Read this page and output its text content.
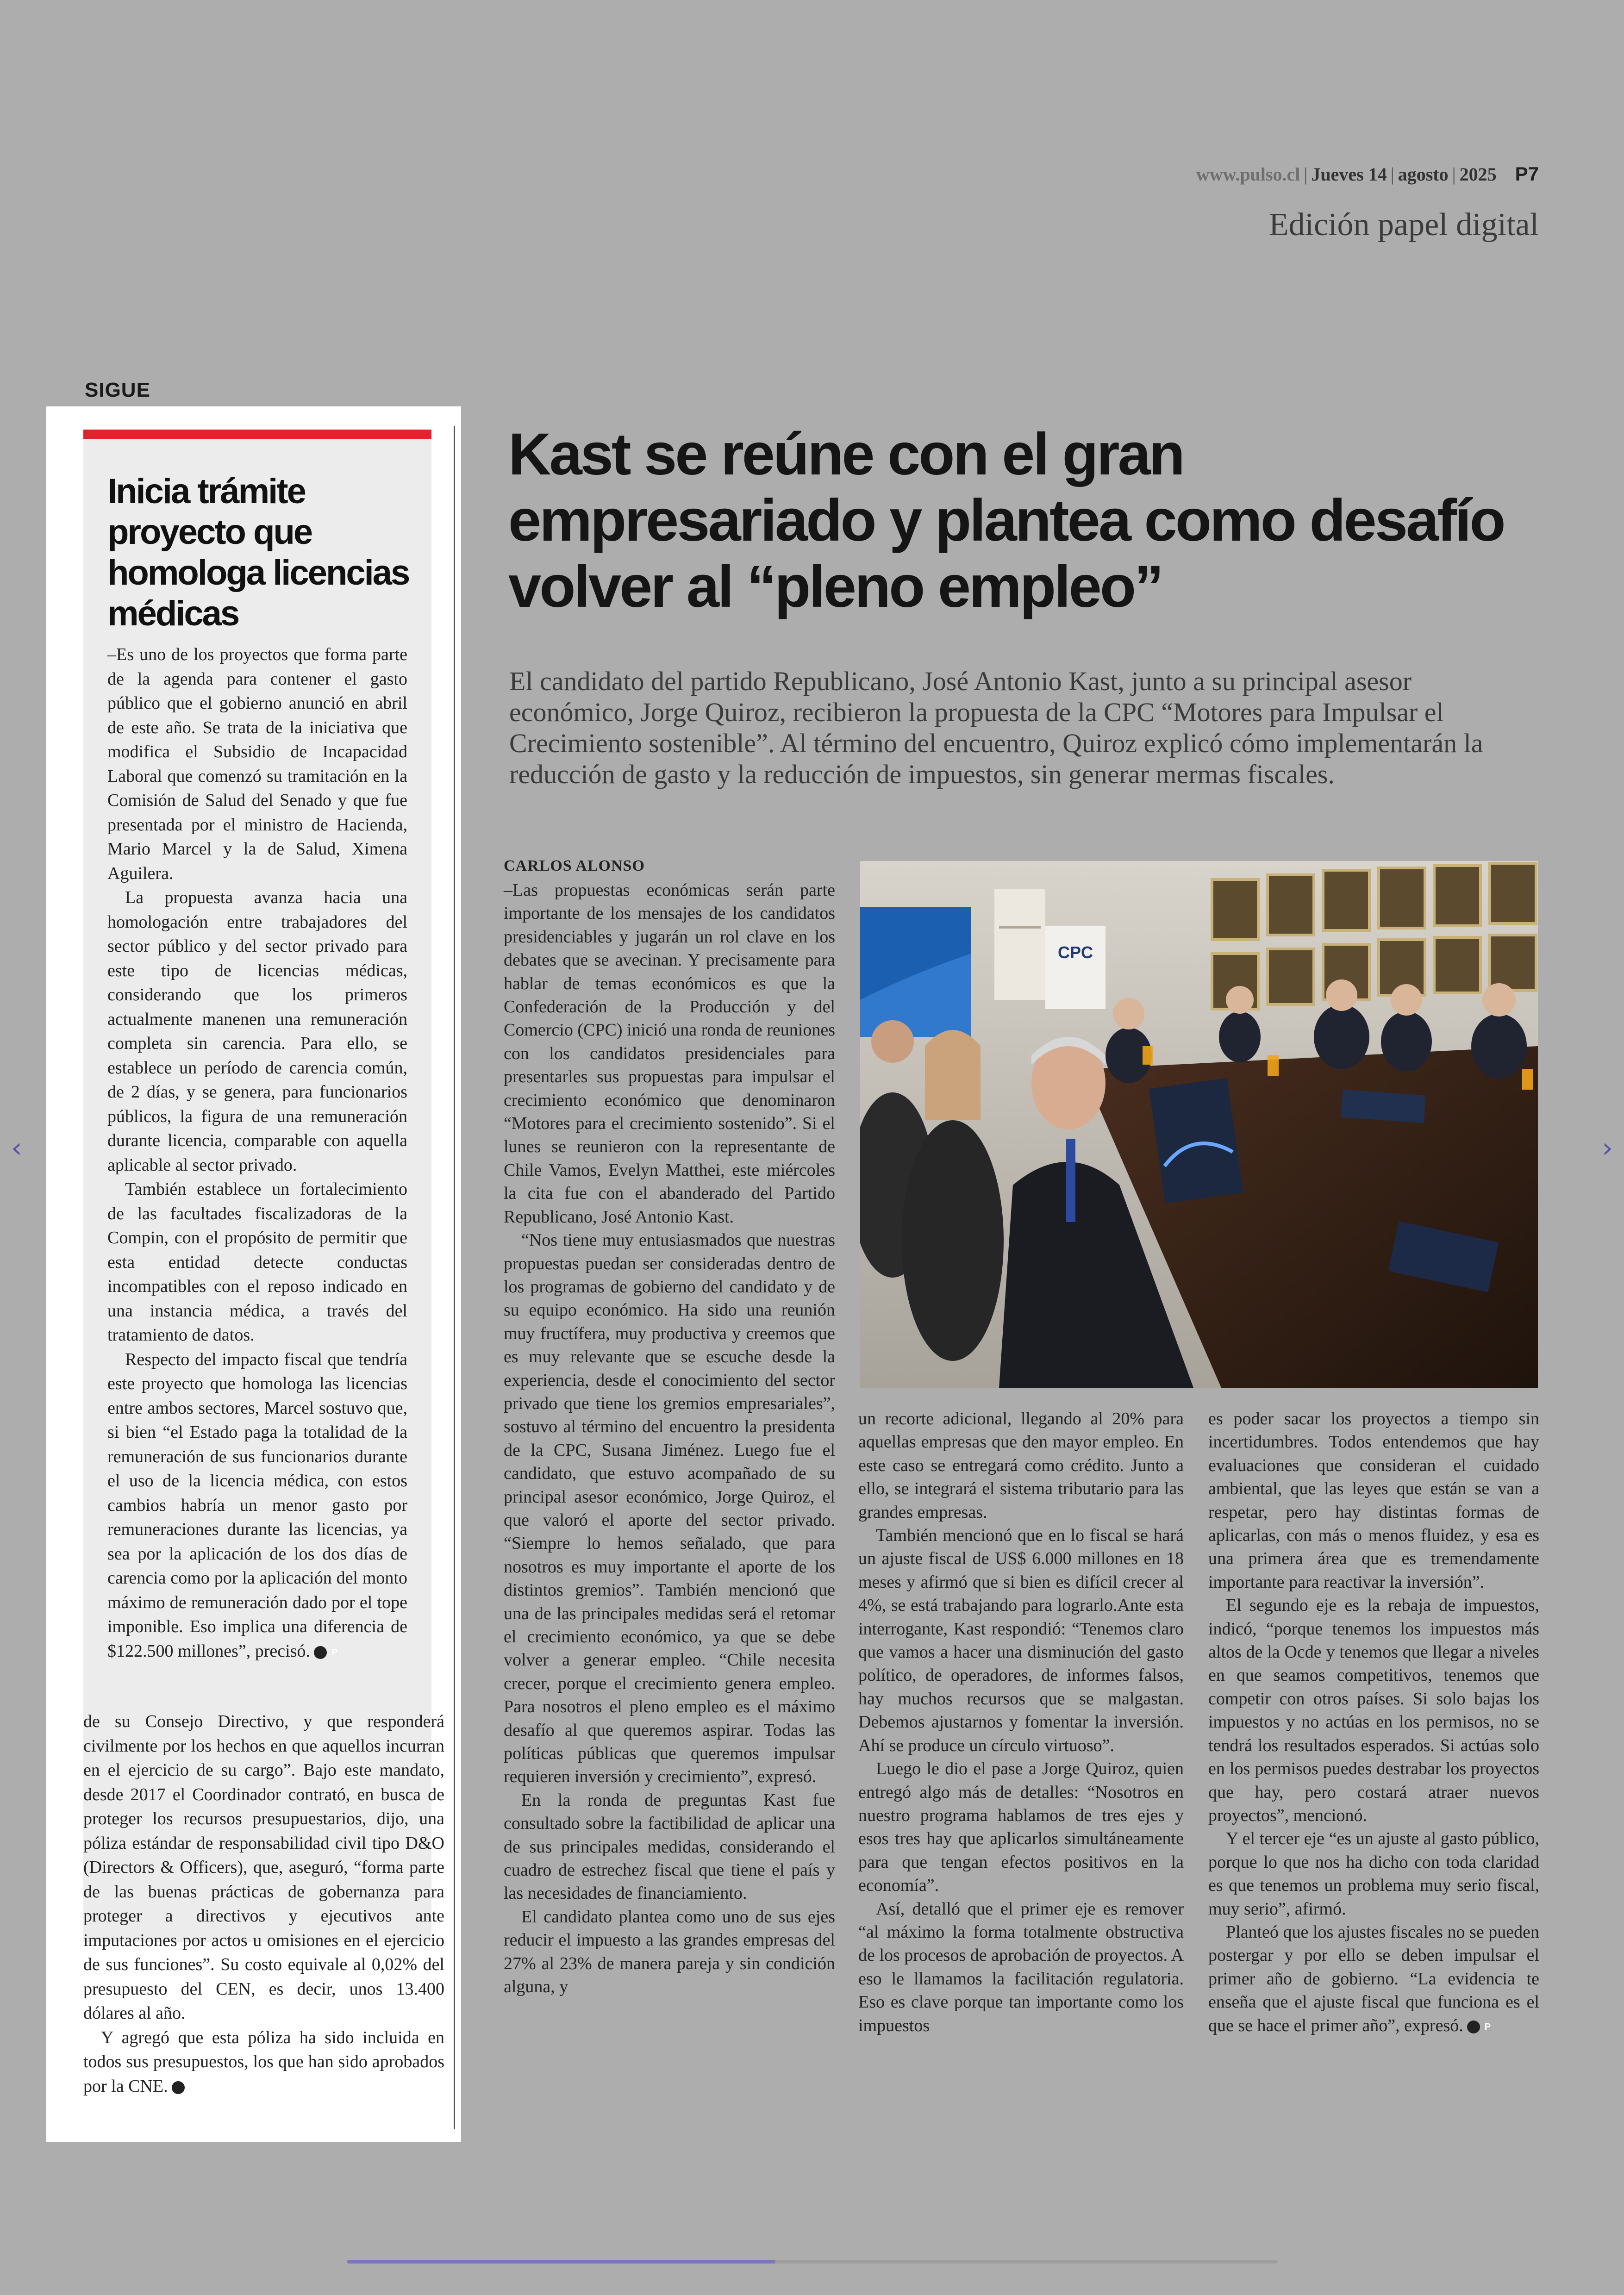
‹	›
www.pulso.cl | Jueves 14 | agosto | 2025 P7
Edición papel digital
SIGUE
Inicia trámite proyecto que homologa licencias médicas

–Es uno de los proyectos que forma parte de la agenda para contener el gasto público que el gobierno anunció en abril de este año. Se trata de la iniciativa que modifica el Subsidio de Incapacidad Laboral que comenzó su tramitación en la Comisión de Salud del Senado y que fue presentada por el ministro de Hacienda, Mario Marcel y la de Salud, Ximena Aguilera.

La propuesta avanza hacia una homologación entre trabajadores del sector público y del sector privado para este tipo de licencias médicas, considerando que los primeros actualmente manenen una remuneración completa sin carencia. Para ello, se establece un período de carencia común, de 2 días, y se genera, para funcionarios públicos, la figura de una remuneración durante licencia, comparable con aquella aplicable al sector privado.

También establece un fortalecimiento de las facultades fiscalizadoras de la Compin, con el propósito de permitir que esta entidad detecte conductas incompatibles con el reposo indicado en una instancia médica, a través del tratamiento de datos.

Respecto del impacto fiscal que tendría este proyecto que homologa las licencias entre ambos sectores, Marcel sostuvo que, si bien “el Estado paga la totalidad de la remuneración de sus funcionarios durante el uso de la licencia médica, con estos cambios habría un menor gasto por remuneraciones durante las licencias, ya sea por la aplicación de los dos días de carencia como por la aplicación del monto máximo de remuneración dado por el tope imponible. Eso implica una diferencia de $122.500 millones”, precisó. P

de su Consejo Directivo, y que responderá civilmente por los hechos en que aquellos incurran en el ejercicio de su cargo”. Bajo este mandato, desde 2017 el Coordinador contrató, en busca de proteger los recursos presupuestarios, dijo, una póliza estándar de responsabilidad civil tipo D&O (Directors & Officers), que, aseguró, “forma parte de las buenas prácticas de gobernanza para proteger a directivos y ejecutivos ante imputaciones por actos u omisiones en el ejercicio de sus funciones”. Su costo equivale al 0,02% del presupuesto del CEN, es decir, unos 13.400 dólares al año.

Y agregó que esta póliza ha sido incluida en todos sus presupuestos, los que han sido aprobados por la CNE. P

Kast se reúne con el gran empresariado y plantea como desafío volver al “pleno empleo”
El candidato del partido Republicano, José Antonio Kast, junto a su principal asesor económico, Jorge Quiroz, recibieron la propuesta de la CPC “Motores para Impulsar el Crecimiento sostenible”. Al término del encuentro, Quiroz explicó cómo implementarán la reducción de gasto y la reducción de impuestos, sin generar mermas fiscales.
CARLOS ALONSO

–Las propuestas económicas serán parte importante de los mensajes de los candidatos presidenciables y jugarán un rol clave en los debates que se avecinan. Y precisamente para hablar de temas económicos es que la Confederación de la Producción y del Comercio (CPC) inició una ronda de reuniones con los candidatos presidenciales para presentarles sus propuestas para impulsar el crecimiento económico que denominaron “Motores para el crecimiento sostenido”. Si el lunes se reunieron con la representante de Chile Vamos, Evelyn Matthei, este miércoles la cita fue con el abanderado del Partido Republicano, José Antonio Kast.

“Nos tiene muy entusiasmados que nuestras propuestas puedan ser consideradas dentro de los programas de gobierno del candidato y de su equipo económico. Ha sido una reunión muy fructífera, muy productiva y creemos que es muy relevante que se escuche desde la experiencia, desde el conocimiento del sector privado que tiene los gremios empresariales”, sostuvo al término del encuentro la presidenta de la CPC, Susana Jiménez. Luego fue el candidato, que estuvo acompañado de su principal asesor económico, Jorge Quiroz, el que valoró el aporte del sector privado. “Siempre lo hemos señalado, que para nosotros es muy importante el aporte de los distintos gremios”. También mencionó que una de las principales medidas será el retomar el crecimiento económico, ya que se debe volver a generar empleo. “Chile necesita crecer, porque el crecimiento genera empleo. Para nosotros el pleno empleo es el máximo desafío al que queremos aspirar. Todas las políticas públicas que queremos impulsar requieren inversión y crecimiento”, expresó.

En la ronda de preguntas Kast fue consultado sobre la factibilidad de aplicar una de sus principales medidas, considerando el cuadro de estrechez fiscal que tiene el país y las necesidades de financiamiento.

El candidato plantea como uno de sus ejes reducir el impuesto a las grandes empresas del 27% al 23% de manera pareja y sin condición alguna, y

un recorte adicional, llegando al 20% para aquellas empresas que den mayor empleo. En este caso se entregará como crédito. Junto a ello, se integrará el sistema tributario para las grandes empresas.

También mencionó que en lo fiscal se hará un ajuste fiscal de US$ 6.000 millones en 18 meses y afirmó que si bien es difícil crecer al 4%, se está trabajando para lograrlo.Ante esta interrogante, Kast respondió: “Tenemos claro que vamos a hacer una disminución del gasto político, de operadores, de informes falsos, hay muchos recursos que se malgastan. Debemos ajustarnos y fomentar la inversión. Ahí se produce un círculo virtuoso”.

Luego le dio el pase a Jorge Quiroz, quien entregó algo más de detalles: “Nosotros en nuestro programa hablamos de tres ejes y esos tres hay que aplicarlos simultáneamente para que tengan efectos positivos en la economía”.

Así, detalló que el primer eje es remover “al máximo la forma totalmente obstructiva de los procesos de aprobación de proyectos. A eso le llamamos la facilitación regulatoria. Eso es clave porque tan importante como los impuestos

es poder sacar los proyectos a tiempo sin incertidumbres. Todos entendemos que hay evaluaciones que consideran el cuidado ambiental, que las leyes que están se van a respetar, pero hay distintas formas de aplicarlas, con más o menos fluidez, y esa es una primera área que es tremendamente importante para reactivar la inversión”.

El segundo eje es la rebaja de impuestos, indicó, “porque tenemos los impuestos más altos de la Ocde y tenemos que llegar a niveles en que seamos competitivos, tenemos que competir con otros países. Si solo bajas los impuestos y no actúas en los permisos, no se tendrá los resultados esperados. Si actúas solo en los permisos puedes destrabar los proyectos que hay, pero costará atraer nuevos proyectos”, mencionó.

Y el tercer eje “es un ajuste al gasto público, porque lo que nos ha dicho con toda claridad es que tenemos un problema muy serio fiscal, muy serio”, afirmó.

Planteó que los ajustes fiscales no se pueden postergar y por ello se deben impulsar el primer año de gobierno. “La evidencia te enseña que el ajuste fiscal que funciona es el que se hace el primer año”, expresó. P

CPC
